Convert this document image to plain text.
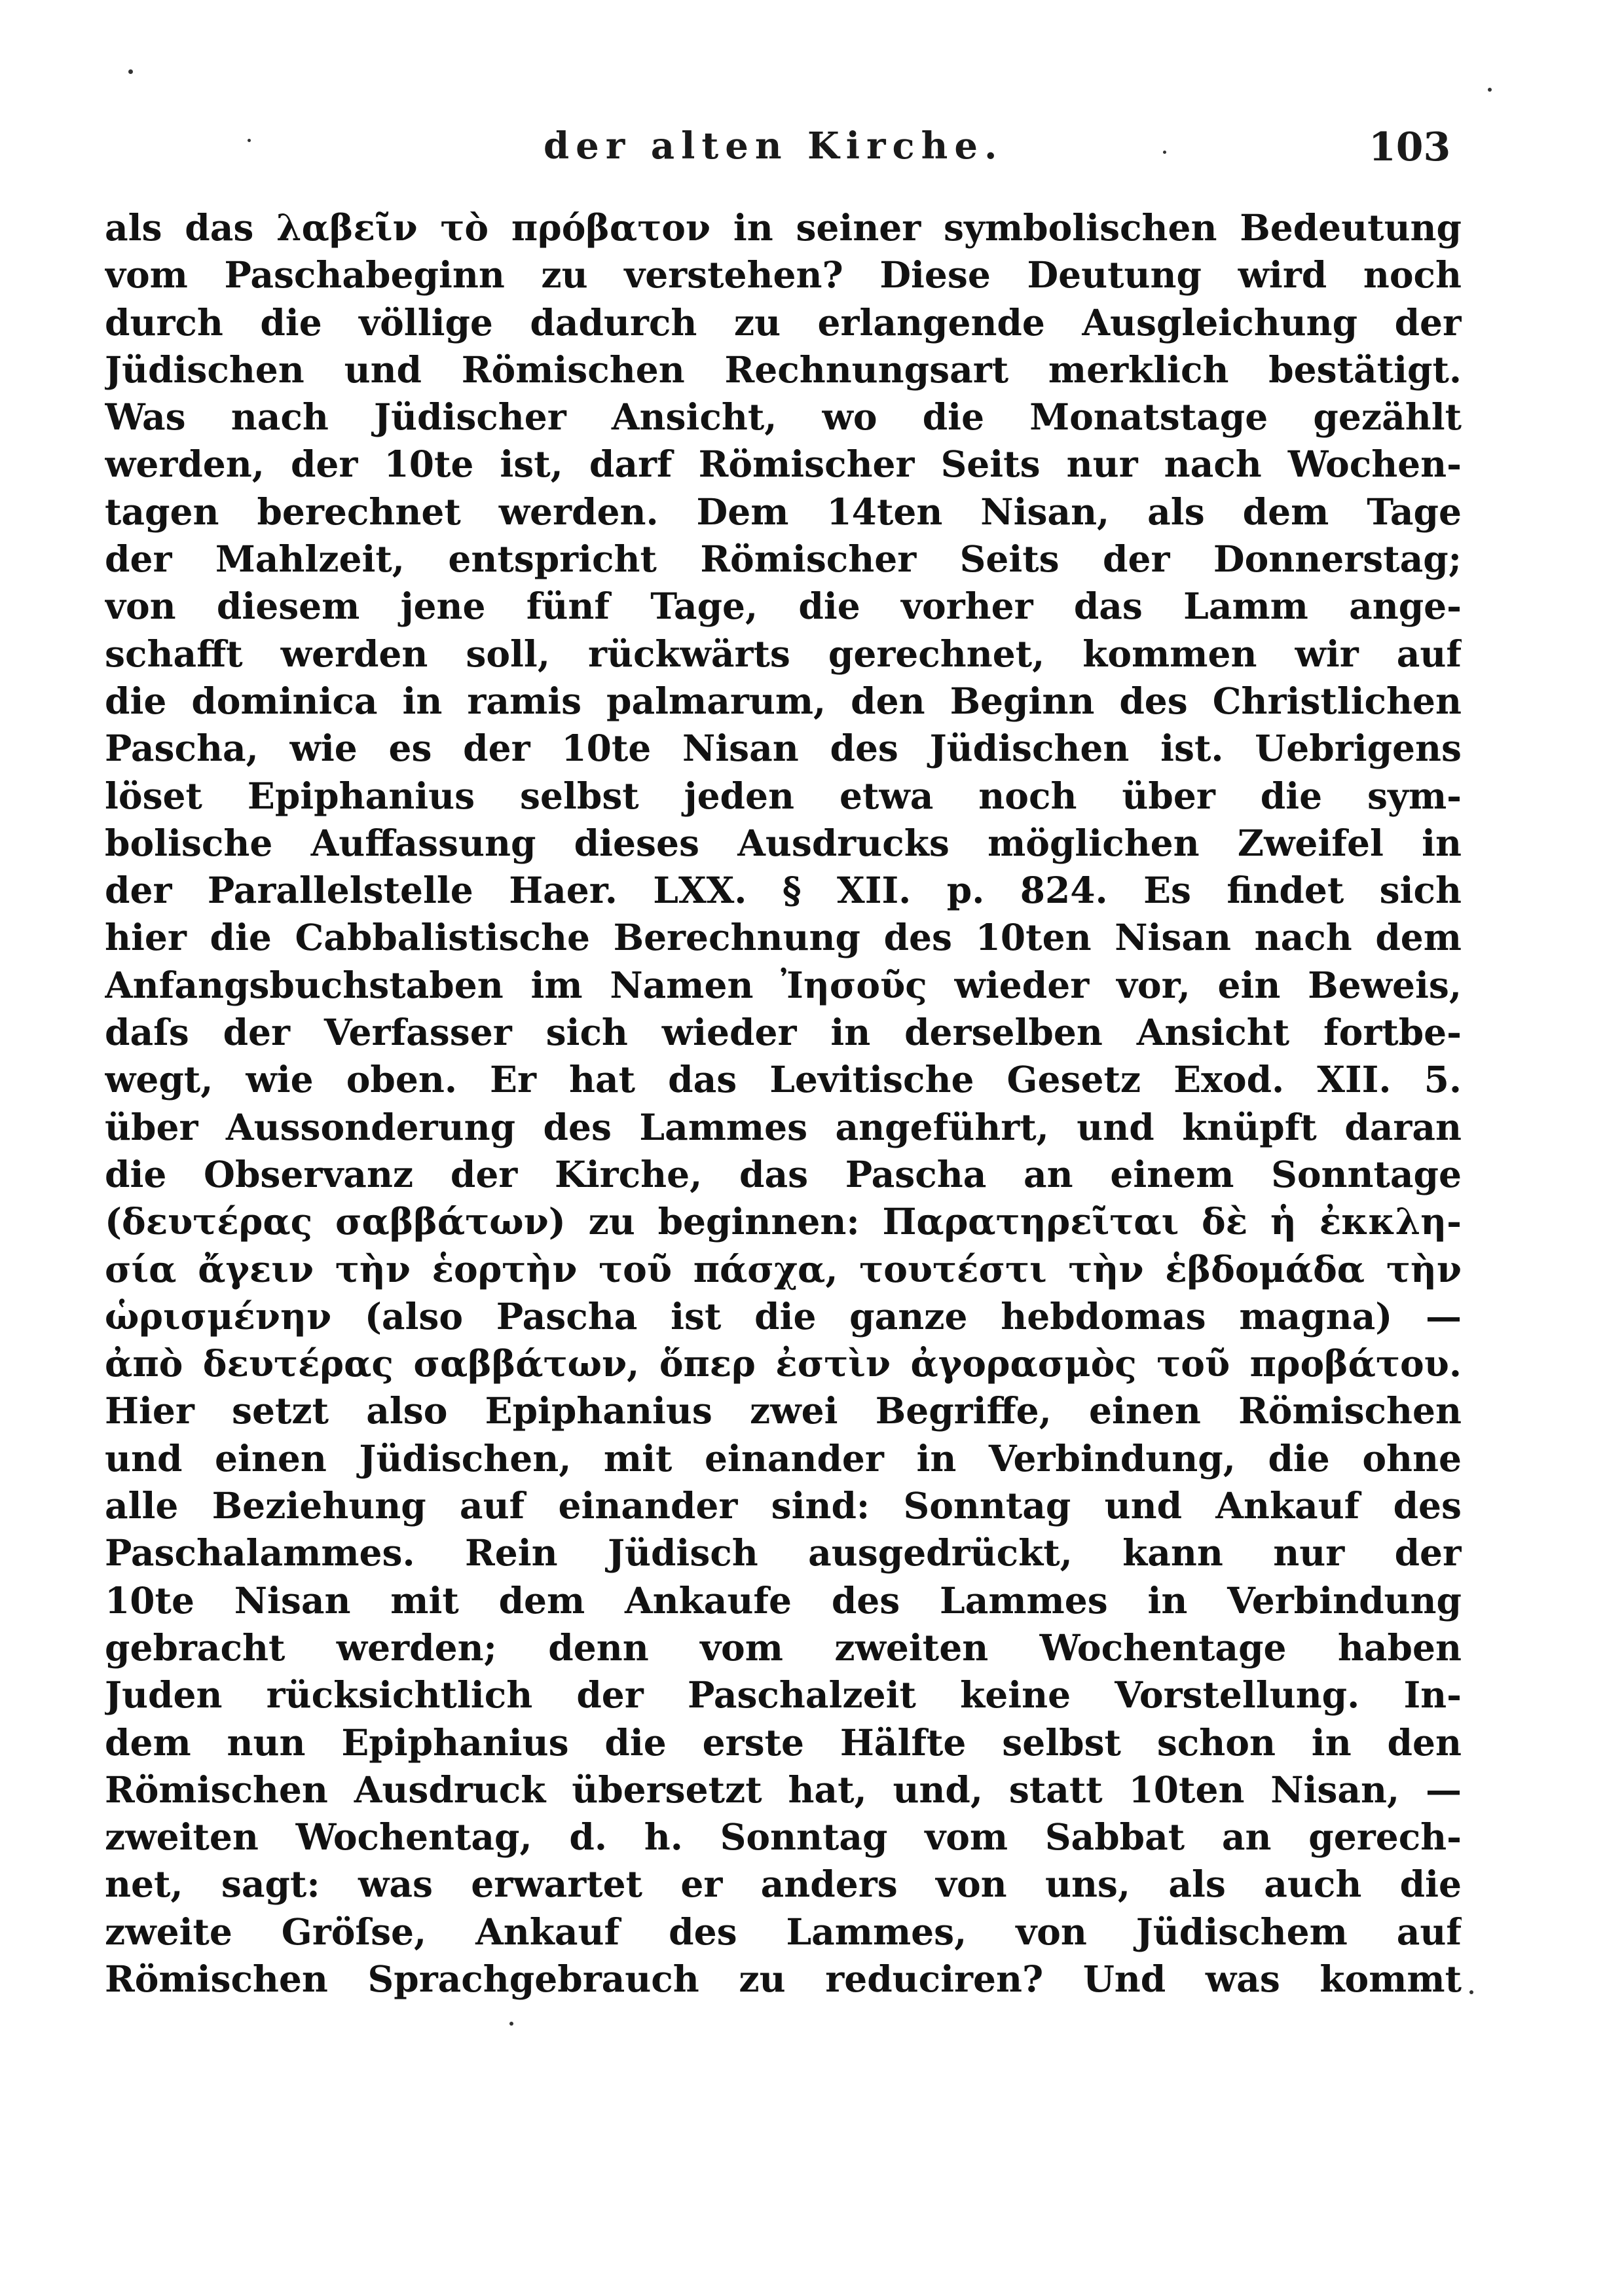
der alten Kirche.	103
als das λαβεῖν τὸ πρόβατον in seiner symbolischen Bedeutung
vom Paschabeginn zu verstehen? Diese Deutung wird noch
durch die völlige dadurch zu erlangende Ausgleichung der
Jüdischen und Römischen Rechnungsart merklich bestätigt.
Was nach Jüdischer Ansicht, wo die Monatstage gezählt
werden, der 10te ist, darf Römischer Seits nur nach Wochen-
tagen berechnet werden. Dem 14ten Nisan, als dem Tage
der Mahlzeit, entspricht Römischer Seits der Donnerstag;
von diesem jene fünf Tage, die vorher das Lamm ange-
schafft werden soll, rückwärts gerechnet, kommen wir auf
die dominica in ramis palmarum, den Beginn des Christlichen
Pascha, wie es der 10te Nisan des Jüdischen ist. Uebrigens
löset Epiphanius selbst jeden etwa noch über die sym-
bolische Auffassung dieses Ausdrucks möglichen Zweifel in
der Parallelstelle Haer. LXX. § XII. p. 824. Es findet sich
hier die Cabbalistische Berechnung des 10ten Nisan nach dem
Anfangsbuchstaben im Namen Ἰησοῦς wieder vor, ein Beweis,
daſs der Verfasser sich wieder in derselben Ansicht fortbe-
wegt, wie oben. Er hat das Levitische Gesetz Exod. XII. 5.
über Aussonderung des Lammes angeführt, und knüpft daran
die Observanz der Kirche, das Pascha an einem Sonntage
(δευτέρας σαββάτων) zu beginnen: Παρατηρεῖται δὲ ἡ ἐκκλη-
σία ἄγειν τὴν ἑορτὴν τοῦ πάσχα, τουτέστι τὴν ἑβδομάδα τὴν
ὡρισμένην (also Pascha ist die ganze hebdomas magna) —
ἀπὸ δευτέρας σαββάτων, ὅπερ ἐστὶν ἀγορασμὸς τοῦ προβάτου.
Hier setzt also Epiphanius zwei Begriffe, einen Römischen
und einen Jüdischen, mit einander in Verbindung, die ohne
alle Beziehung auf einander sind: Sonntag und Ankauf des
Paschalammes. Rein Jüdisch ausgedrückt, kann nur der
10te Nisan mit dem Ankaufe des Lammes in Verbindung
gebracht werden; denn vom zweiten Wochentage haben
Juden rücksichtlich der Paschalzeit keine Vorstellung. In-
dem nun Epiphanius die erste Hälfte selbst schon in den
Römischen Ausdruck übersetzt hat, und, statt 10ten Nisan, —
zweiten Wochentag, d. h. Sonntag vom Sabbat an gerech-
net, sagt: was erwartet er anders von uns, als auch die
zweite Gröſse, Ankauf des Lammes, von Jüdischem auf
Römischen Sprachgebrauch zu reduciren? Und was kommt
